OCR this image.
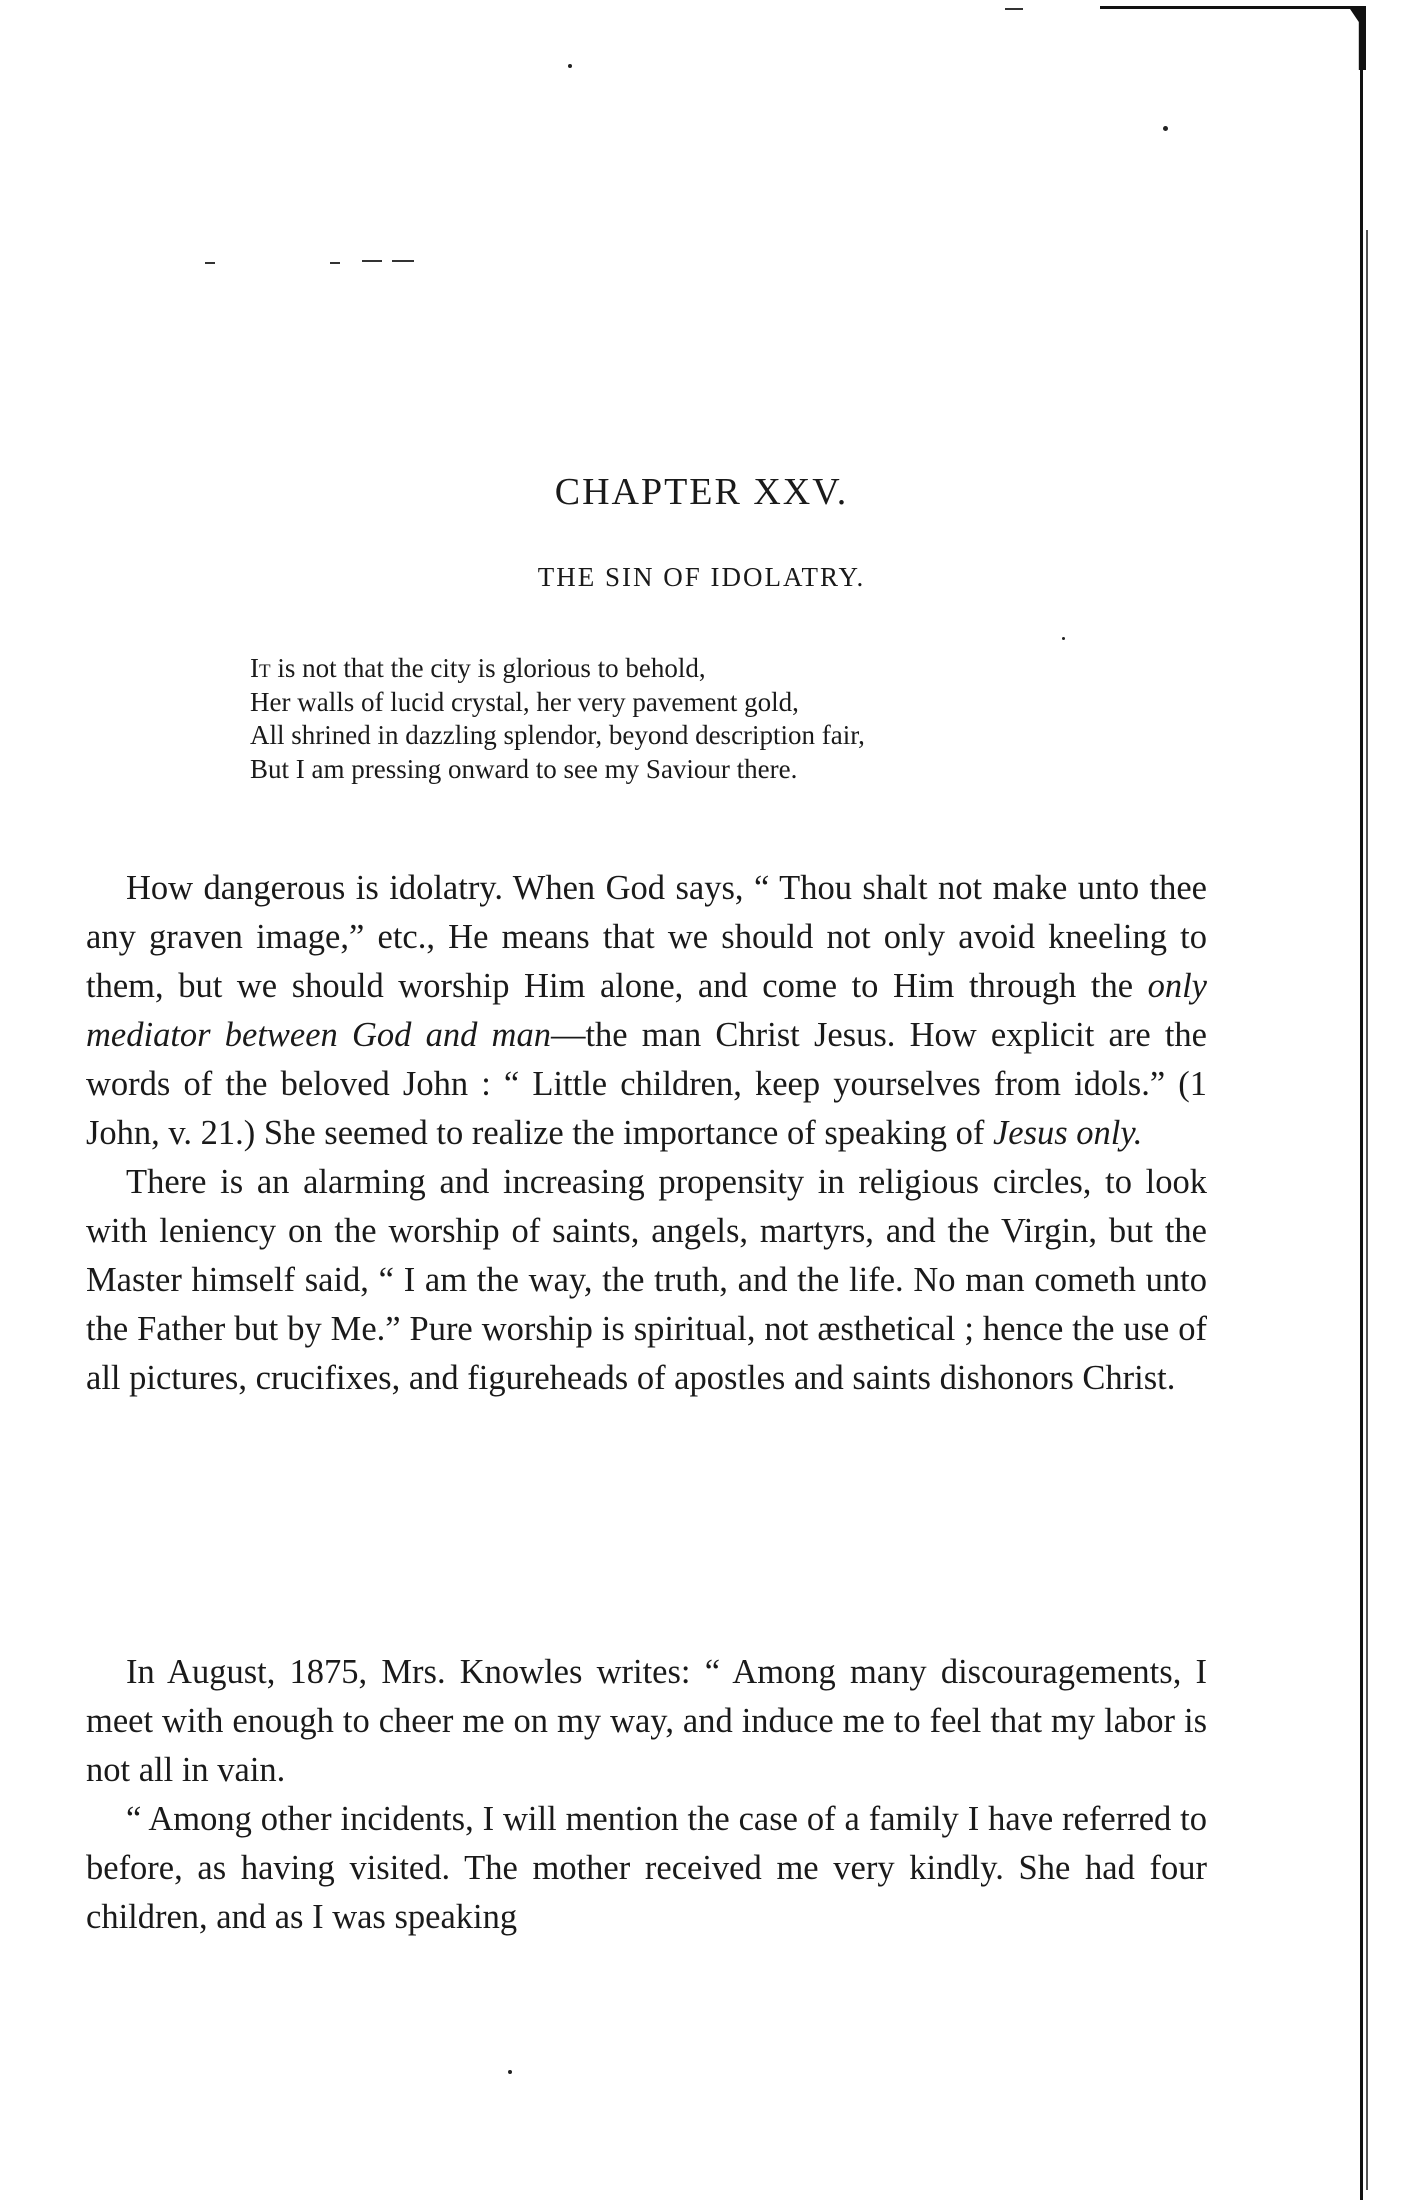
CHAPTER XXV.
THE SIN OF IDOLATRY.
It is not that the city is glorious to behold,
Her walls of lucid crystal, her very pavement gold,
All shrined in dazzling splendor, beyond description fair,
But I am pressing onward to see my Saviour there.

How dangerous is idolatry. When God says, “ Thou shalt not make unto thee any graven image,” etc., He means that we should not only avoid kneeling to them, but we should worship Him alone, and come to Him through the only mediator between God and man—the man Christ Jesus. How explicit are the words of the beloved John : “ Little children, keep yourselves from idols.” (1 John, v. 21.) She seemed to realize the importance of speaking of Jesus only.

There is an alarming and increasing propensity in religious circles, to look with leniency on the worship of saints, angels, martyrs, and the Virgin, but the Master himself said, “ I am the way, the truth, and the life. No man cometh unto the Father but by Me.” Pure worship is spiritual, not æsthetical ; hence the use of all pictures, crucifixes, and figureheads of apostles and saints dishonors Christ.

In August, 1875, Mrs. Knowles writes: “ Among many discouragements, I meet with enough to cheer me on my way, and induce me to feel that my labor is not all in vain.

“ Among other incidents, I will mention the case of a family I have referred to before, as having visited. The mother received me very kindly. She had four children, and as I was speaking
